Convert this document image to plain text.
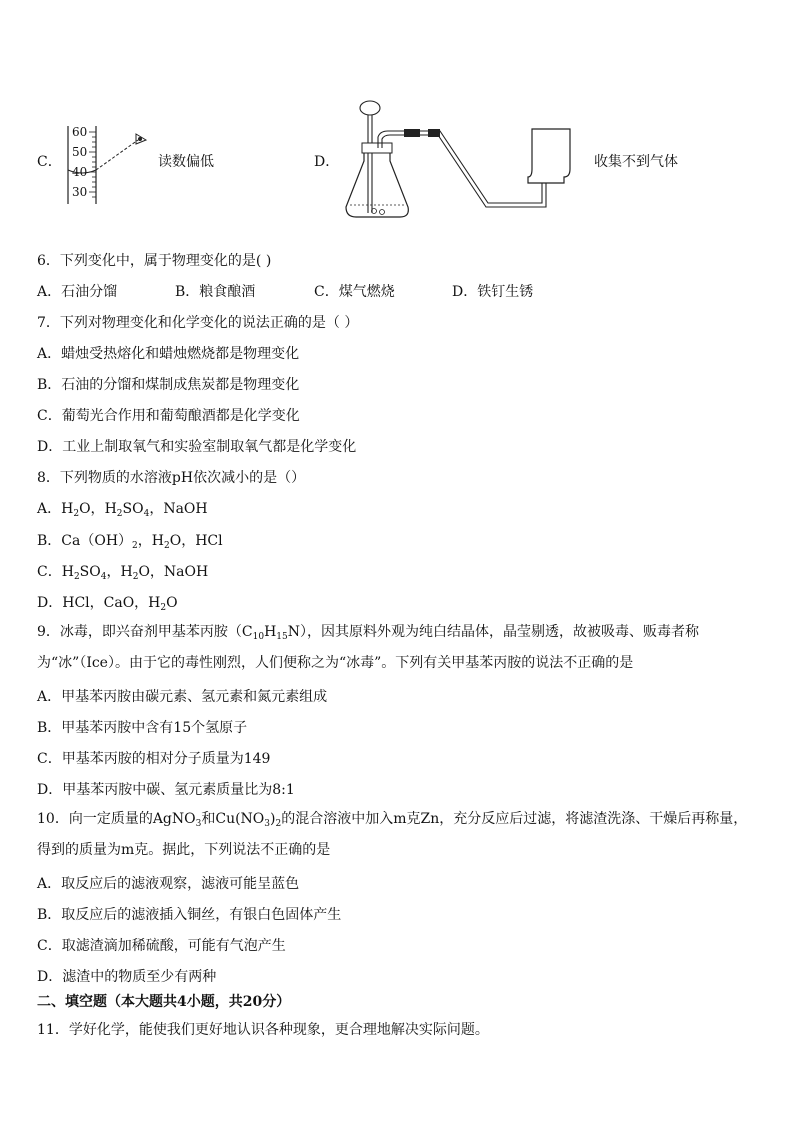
C．
60
50
40
30
读数偏低	D．	收集不到气体
6．下列变化中，属于物理变化的是( )
A．石油分馏	B．粮食酿酒	C．煤气燃烧	D．铁钉生锈
7．下列对物理变化和化学变化的说法正确的是（ ）
A．蜡烛受热熔化和蜡烛燃烧都是物理变化
B．石油的分馏和煤制成焦炭都是物理变化
C．葡萄光合作用和葡萄酿酒都是化学变化
D．工业上制取氧气和实验室制取氧气都是化学变化
8．下列物质的水溶液pH依次减小的是（）
A．$H_2O$，$H_2SO_4$，NaOH
B．$Ca(OH)_2$，$H_2O$，HCl
C．$H_2SO_4$，$H_2O$，NaOH
D．HCl，CaO，$H_2O$
9．冰毒，即兴奋剂甲基苯丙胺$(C_{10}H_{15}N)$，因其原料外观为纯白结晶体，晶莹剔透，故被吸毒、贩毒者称为“冰”（Ice）。由于它的毒性刚烈，人们便称之为“冰毒”。下列有关甲基苯丙胺的说法不正确的是
A．甲基苯丙胺由碳元素、氢元素和氮元素组成
B．甲基苯丙胺中含有15个氢原子
C．甲基苯丙胺的相对分子质量为149
D．甲基苯丙胺中碳、氢元素质量比为8:1
10．向一定质量的AgNO$_3$和$Cu(NO_3)_2$的混合溶液中加入m克Zn，充分反应后过滤，将滤渣洗涤、干燥后再称量，得到的质量为m克。据此，下列说法不正确的是
A．取反应后的滤液观察，滤液可能呈蓝色
B．取反应后的滤液插入铜丝，有银白色固体产生
C．取滤渣滴加稀硫酸，可能有气泡产生
D．滤渣中的物质至少有两种
二、填空题（本大题共4小题，共20分）
11．学好化学，能使我们更好地认识各种现象，更合理地解决实际问题。
